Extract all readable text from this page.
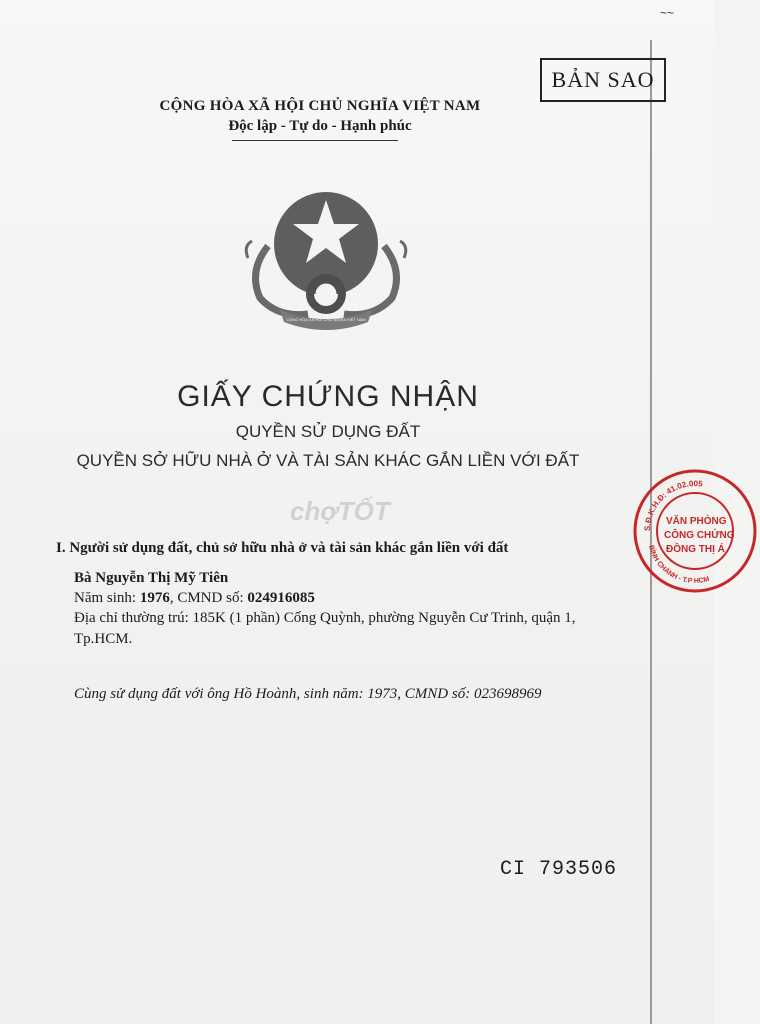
~~
BẢN SAO
CỘNG HÒA XÃ HỘI CHỦ NGHĨA VIỆT NAM
Độc lập - Tự do - Hạnh phúc
CỘNG HÒA XÃ HỘI CHỦ NGHĨA VIỆT NAM
GIẤY CHỨNG NHẬN
QUYỀN SỬ DỤNG ĐẤT
QUYỀN SỞ HỮU NHÀ Ở VÀ TÀI SẢN KHÁC GẮN LIỀN VỚI ĐẤT
chợTỐT
I. Người sử dụng đất, chủ sở hữu nhà ở và tài sản khác gắn liền với đất
Bà Nguyễn Thị Mỹ Tiên
Năm sinh: 1976, CMND số: 024916085
Địa chỉ thường trú: 185K (1 phần) Cống Quỳnh, phường Nguyễn Cư Trinh, quận 1,
Tp.HCM.
Cùng sử dụng đất với ông Hồ Hoành, sinh năm: 1973, CMND số: 023698969
CI 793506
S.Đ.K.H.Đ: 41.02.005
BÌNH CHÁNH - T.P HCM
VĂN PHÒNG
CÔNG CHỨNG
ĐỒNG THỊ Á
